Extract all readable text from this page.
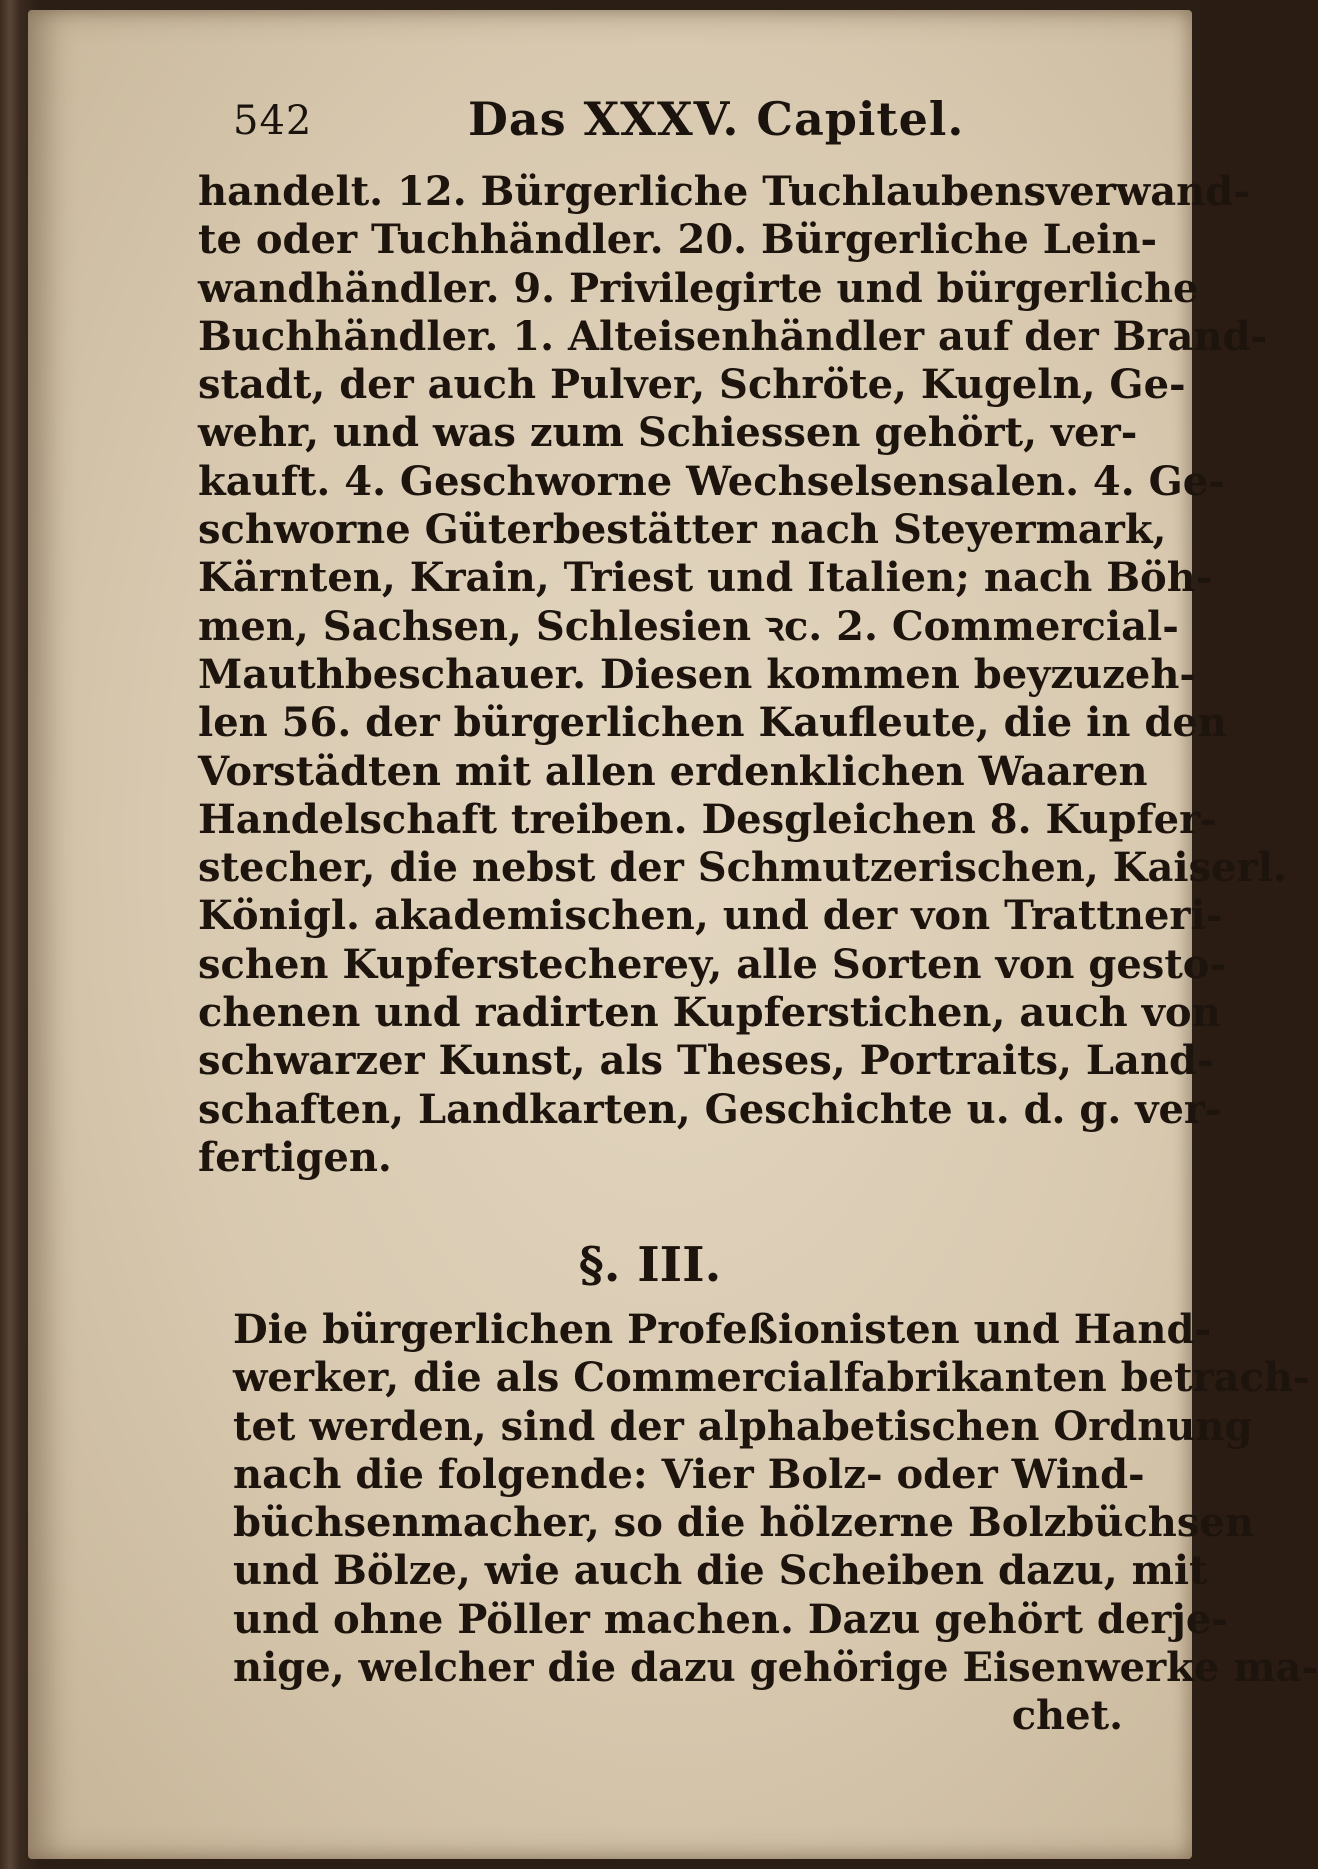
542	Das XXXV. Capitel.
handelt. 12. Bürgerliche Tuchlaubensverwand-
te oder Tuchhändler. 20. Bürgerliche Lein-
wandhändler. 9. Privilegirte und bürgerliche
Buchhändler. 1. Alteisenhändler auf der Brand-
stadt, der auch Pulver, Schröte, Kugeln, Ge-
wehr, und was zum Schiessen gehört, ver-
kauft. 4. Geschworne Wechselsensalen. 4. Ge-
schworne Güterbestätter nach Steyermark,
Kärnten, Krain, Triest und Italien; nach Böh-
men, Sachsen, Schlesien ꝛc. 2. Commercial-
Mauthbeschauer. Diesen kommen beyzuzeh-
len 56. der bürgerlichen Kaufleute, die in den
Vorstädten mit allen erdenklichen Waaren
Handelschaft treiben. Desgleichen 8. Kupfer-
stecher, die nebst der Schmutzerischen, Kaiserl.
Königl. akademischen, und der von Trattneri-
schen Kupferstecherey, alle Sorten von gesto-
chenen und radirten Kupferstichen, auch von
schwarzer Kunst, als Theses, Portraits, Land-
schaften, Landkarten, Geschichte u. d. g. ver-
fertigen.
§. III.
Die bürgerlichen Profeßionisten und Hand-
werker, die als Commercialfabrikanten betrach-
tet werden, sind der alphabetischen Ordnung
nach die folgende: Vier Bolz- oder Wind-
büchsenmacher, so die hölzerne Bolzbüchsen
und Bölze, wie auch die Scheiben dazu, mit
und ohne Pöller machen. Dazu gehört derje-
nige, welcher die dazu gehörige Eisenwerke ma-
chet.
